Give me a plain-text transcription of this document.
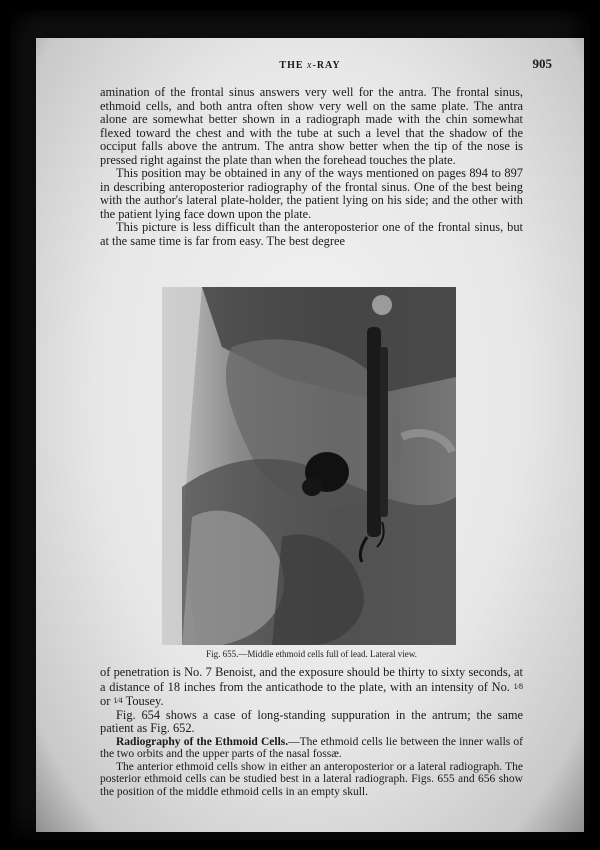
THE x-RAY	905

amination of the frontal sinus answers very well for the antra. The frontal sinus, ethmoid cells, and both antra often show very well on the same plate. The antra alone are somewhat better shown in a radiograph made with the chin somewhat flexed toward the chest and with the tube at such a level that the shadow of the occiput falls above the antrum. The antra show better when the tip of the nose is pressed right against the plate than when the forehead touches the plate.

This position may be obtained in any of the ways mentioned on pages 894 to 897 in describing anteroposterior radiography of the frontal sinus. One of the best being with the author's lateral plate-holder, the patient lying on his side; and the other with the patient lying face down upon the plate.

This picture is less difficult than the anteroposterior one of the frontal sinus, but at the same time is far from easy. The best degree

Fig. 655.—Middle ethmoid cells full of lead. Lateral view.

of penetration is No. 7 Benoist, and the exposure should be thirty to sixty seconds, at a distance of 18 inches from the anticathode to the plate, with an intensity of No. 1⁄8 or 1⁄4 Tousey.

Fig. 654 shows a case of long-standing suppuration in the antrum; the same patient as Fig. 652.

Radiography of the Ethmoid Cells.—The ethmoid cells lie between the inner walls of the two orbits and the upper parts of the nasal fossæ.

The anterior ethmoid cells show in either an anteroposterior or a lateral radiograph. The posterior ethmoid cells can be studied best in a lateral radiograph. Figs. 655 and 656 show the position of the middle ethmoid cells in an empty skull.
